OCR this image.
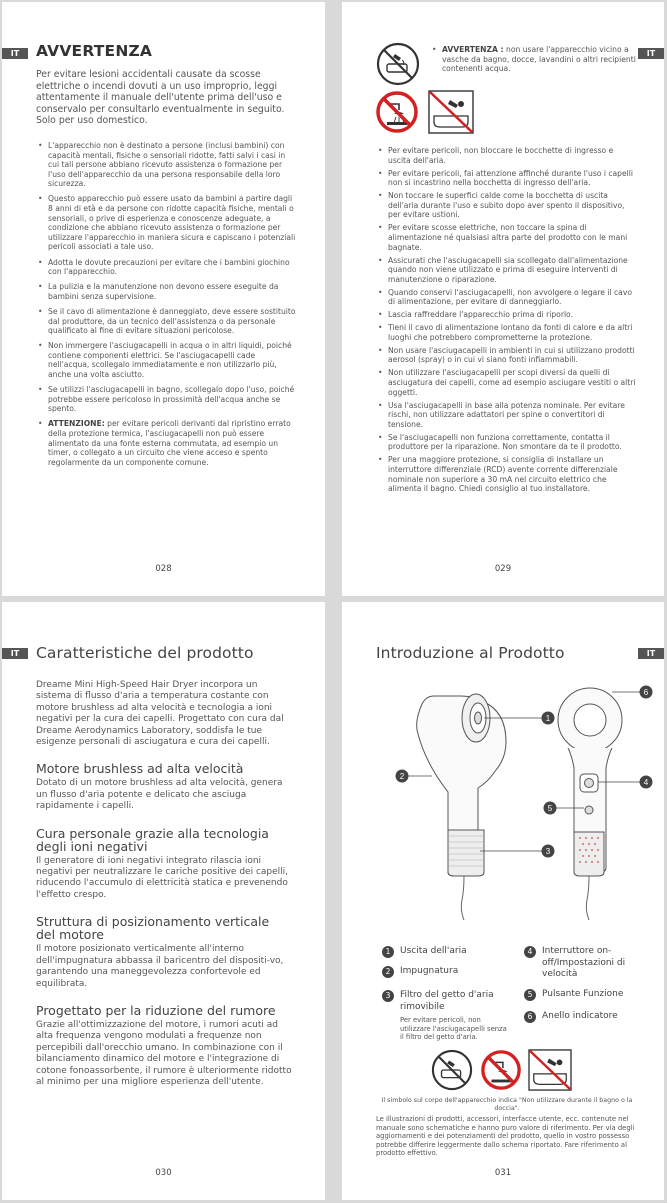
IT	AVVERTENZA
Per evitare lesioni accidentali causate da scosse elettriche o incendi dovuti a un uso improprio, leggi attentamente il manuale dell'utente prima dell'uso e conservalo per consultarlo eventualmente in seguito. Solo per uso domestico.
• L'apparecchio non è destinato a persone (inclusi bambini) con capacità mentali, fisiche o sensoriali ridotte, fatti salvi i casi in cui tali persone abbiano ricevuto assistenza o formazione per l'uso dell'apparecchio da una persona responsabile della loro sicurezza.
• Questo apparecchio può essere usato da bambini a partire dagli 8 anni di età e da persone con ridotte capacità fisiche, mentali o sensoriali, o prive di esperienza e conoscenze adeguate, a condizione che abbiano ricevuto assistenza o formazione per utilizzare l'apparecchio in maniera sicura e capiscano i potenziali pericoli associati a tale uso.
• Adotta le dovute precauzioni per evitare che i bambini giochino con l'apparecchio.
• La pulizia e la manutenzione non devono essere eseguite da bambini senza supervisione.
• Se il cavo di alimentazione è danneggiato, deve essere sostituito dal produttore, da un tecnico dell'assistenza o da personale qualificato al fine di evitare situazioni pericolose.
• Non immergere l'asciugacapelli in acqua o in altri liquidi, poiché contiene componenti elettrici. Se l'asciugacapelli cade nell'acqua, scollegalo immediatamente e non utilizzarlo più, anche una volta asciutto.
• Se utilizzi l'asciugacapelli in bagno, scollegalo dopo l'uso, poiché potrebbe essere pericoloso in prossimità dell'acqua anche se spento.
• ATTENZIONE: per evitare pericoli derivanti dal ripristino errato della protezione termica, l'asciugacapelli non può essere alimentato da una fonte esterna commutata, ad esempio un timer, o collegato a un circuito che viene acceso e spento regolarmente da un componente comune.
028
IT
• AVVERTENZA : non usare l'apparecchio vicino a vasche da bagno, docce, lavandini o altri recipienti contenenti acqua.
• Per evitare pericoli, non bloccare le bocchette di ingresso e uscita dell'aria.
• Per evitare pericoli, fai attenzione affinché durante l'uso i capelli non si incastrino nella bocchetta di ingresso dell'aria.
• Non toccare le superfici calde come la bocchetta di uscita dell'aria durante l'uso e subito dopo aver spento il dispositivo, per evitare ustioni.
• Per evitare scosse elettriche, non toccare la spina di alimentazione né qualsiasi altra parte del prodotto con le mani bagnate.
• Assicurati che l'asciugacapelli sia scollegato dall'alimentazione quando non viene utilizzato e prima di eseguire interventi di manutenzione o riparazione.
• Quando conservi l'asciugacapelli, non avvolgere o legare il cavo di alimentazione, per evitare di danneggiarlo.
• Lascia raffreddare l'apparecchio prima di riporlo.
• Tieni il cavo di alimentazione lontano da fonti di calore e da altri luoghi che potrebbero comprometterne la protezione.
• Non usare l'asciugacapelli in ambienti in cui si utilizzano prodotti aerosol (spray) o in cui vi siano fonti infiammabili.
• Non utilizzare l'asciugacapelli per scopi diversi da quelli di asciugatura dei capelli, come ad esempio asciugare vestiti o altri oggetti.
• Usa l'asciugacapelli in base alla potenza nominale. Per evitare rischi, non utilizzare adattatori per spine o convertitori di tensione.
• Se l'asciugacapelli non funziona correttamente, contatta il produttore per la riparazione. Non smontare da te il prodotto.
• Per una maggiore protezione, si consiglia di installare un interruttore differenziale (RCD) avente corrente differenziale nominale non superiore a 30 mA nel circuito elettrico che alimenta il bagno. Chiedi consiglio al tuo installatore.
029
IT	Caratteristiche del prodotto
Dreame Mini High-Speed Hair Dryer incorpora un sistema di flusso d'aria a temperatura costante con motore brushless ad alta velocità e tecnologia a ioni negativi per la cura dei capelli. Progettato con cura dal Dreame Aerodynamics Laboratory, soddisfa le tue esigenze personali di asciugatura e cura dei capelli.
Motore brushless ad alta velocità
Dotato di un motore brushless ad alta velocità, genera un flusso d'aria potente e delicato che asciuga rapidamente i capelli.
Cura personale grazie alla tecnologia degli ioni negativi
Il generatore di ioni negativi integrato rilascia ioni negativi per neutralizzare le cariche positive dei capelli, riducendo l'accumulo di elettricità statica e prevenendo l'effetto crespo.
Struttura di posizionamento verticale del motore
Il motore posizionato verticalmente all'interno dell'impugnatura abbassa il baricentro del dispositi-vo, garantendo una maneggevolezza confortevole ed equilibrata.
Progettato per la riduzione del rumore
Grazie all'ottimizzazione del motore, i rumori acuti ad alta frequenza vengono modulati a frequenze non percepibili dall'orecchio umano. In combinazione con il bilanciamento dinamico del motore e l'integrazione di cotone fonoassorbente, il rumore è ulteriormente ridotto al minimo per una migliore esperienza dell'utente.
030
IT
Introduzione al Prodotto
1
2
3
4
5
6
1	Uscita dell'aria
2	Impugnatura
3	Filtro del getto d'aria rimovibile
Per evitare pericoli, non utilizzare l'asciugacapelli senza il filtro del getto d'aria.
4	Interruttore on-off/Impostazioni di velocità
5	Pulsante Funzione
6	Anello indicatore
Il simbolo sul corpo dell'apparecchio indica "Non utilizzare durante il bagno o la doccia".
Le illustrazioni di prodotti, accessori, interfacce utente, ecc. contenute nel manuale sono schematiche e hanno puro valore di riferimento. Per via degli aggiornamenti e dei potenziamenti del prodotto, quello in vostro possesso potrebbe differire leggermente dallo schema riportato. Fare riferimento al prodotto effettivo.
031
